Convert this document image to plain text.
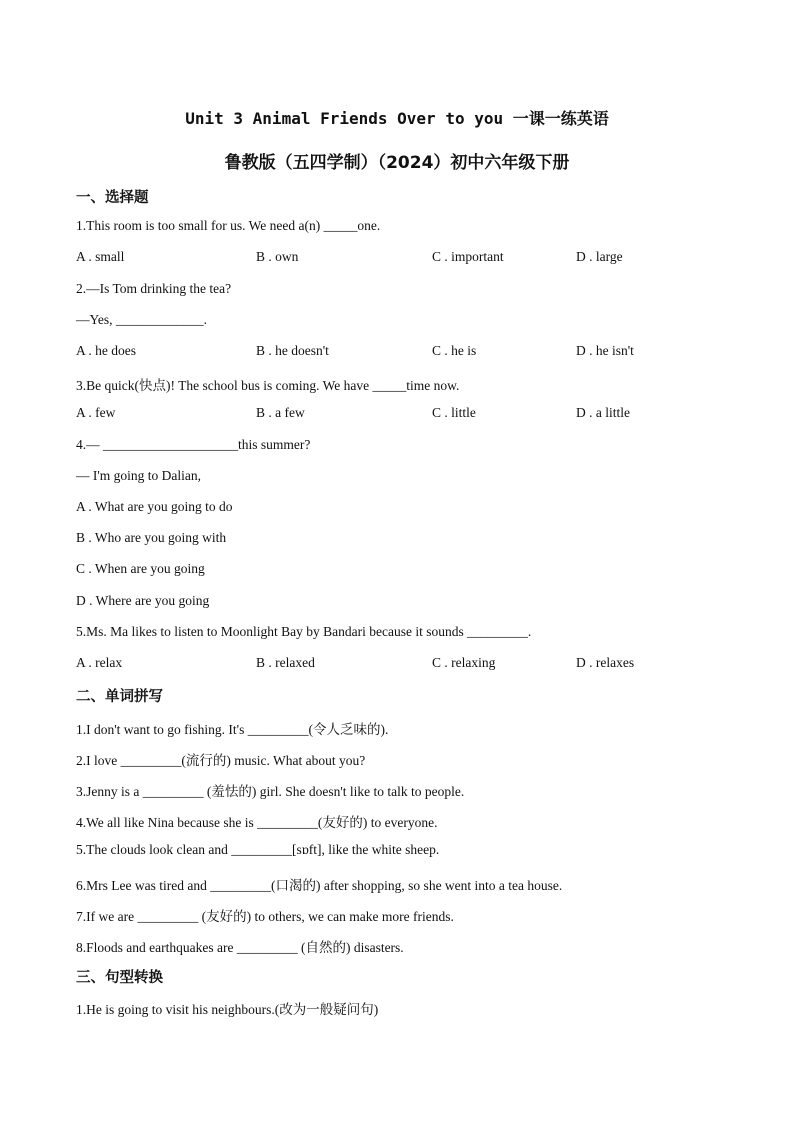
Unit 3 Animal Friends Over to you 一课一练英语
鲁教版（五四学制）（2024）初中六年级下册
一、选择题
1.This room is too small for us. We need a(n) _____one.
A . small	B . own	C . important	D . large
2.—Is Tom drinking the tea?
—Yes, _____________.
A . he does	B . he doesn't	C . he is	D . he isn't
3.Be quick(快点)! The school bus is coming. We have _____time now.
A . few	B . a few	C . little	D . a little
4.— ____________________this summer?
— I'm going to Dalian,
A . What are you going to do
B . Who are you going with
C . When are you going
D . Where are you going
5.Ms. Ma likes to listen to Moonlight Bay by Bandari because it sounds _________.
A . relax	B . relaxed	C . relaxing	D . relaxes
二、单词拼写
1.I don't want to go fishing. It's _________(令人乏味的).
2.I love _________(流行的) music. What about you?
3.Jenny is a _________ (羞怯的) girl. She doesn't like to talk to people.
4.We all like Nina because she is _________(友好的) to everyone.
5.The clouds look clean and _________[sɒft], like the white sheep.
6.Mrs Lee was tired and _________(口渴的) after shopping, so she went into a tea house.
7.If we are _________ (友好的) to others, we can make more friends.
8.Floods and earthquakes are _________ (自然的) disasters.
三、句型转换
1.He is going to visit his neighbours.(改为一般疑问句)
